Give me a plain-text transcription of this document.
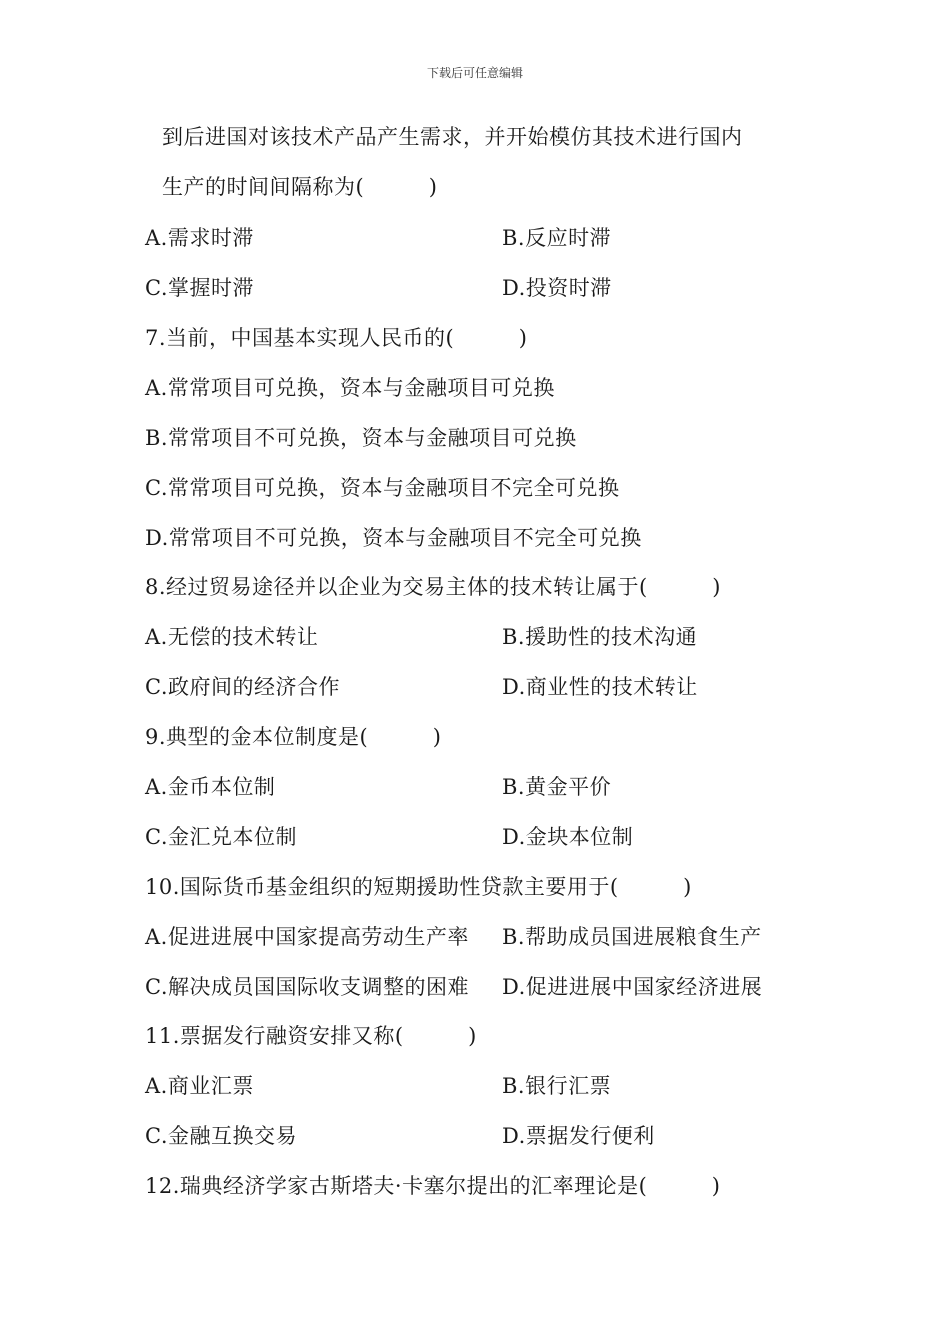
下载后可任意编辑
到后进国对该技术产品产生需求，并开始模仿其技术进行国内
生产的时间间隔称为(　　　)
A.需求时滞	B.反应时滞
C.掌握时滞	D.投资时滞
7.当前，中国基本实现人民币的(　　　)
A.常常项目可兑换，资本与金融项目可兑换
B.常常项目不可兑换，资本与金融项目可兑换
C.常常项目可兑换，资本与金融项目不完全可兑换
D.常常项目不可兑换，资本与金融项目不完全可兑换
8.经过贸易途径并以企业为交易主体的技术转让属于(　　　)
A.无偿的技术转让	B.援助性的技术沟通
C.政府间的经济合作	D.商业性的技术转让
9.典型的金本位制度是(　　　)
A.金币本位制	B.黄金平价
C.金汇兑本位制	D.金块本位制
10.国际货币基金组织的短期援助性贷款主要用于(　　　)
A.促进进展中国家提高劳动生产率 B.帮助成员国进展粮食生产
C.解决成员国国际收支调整的困难 D.促进进展中国家经济进展
11.票据发行融资安排又称(　　　)
A.商业汇票	B.银行汇票
C.金融互换交易	D.票据发行便利
12.瑞典经济学家古斯塔夫·卡塞尔提出的汇率理论是(　　　)
